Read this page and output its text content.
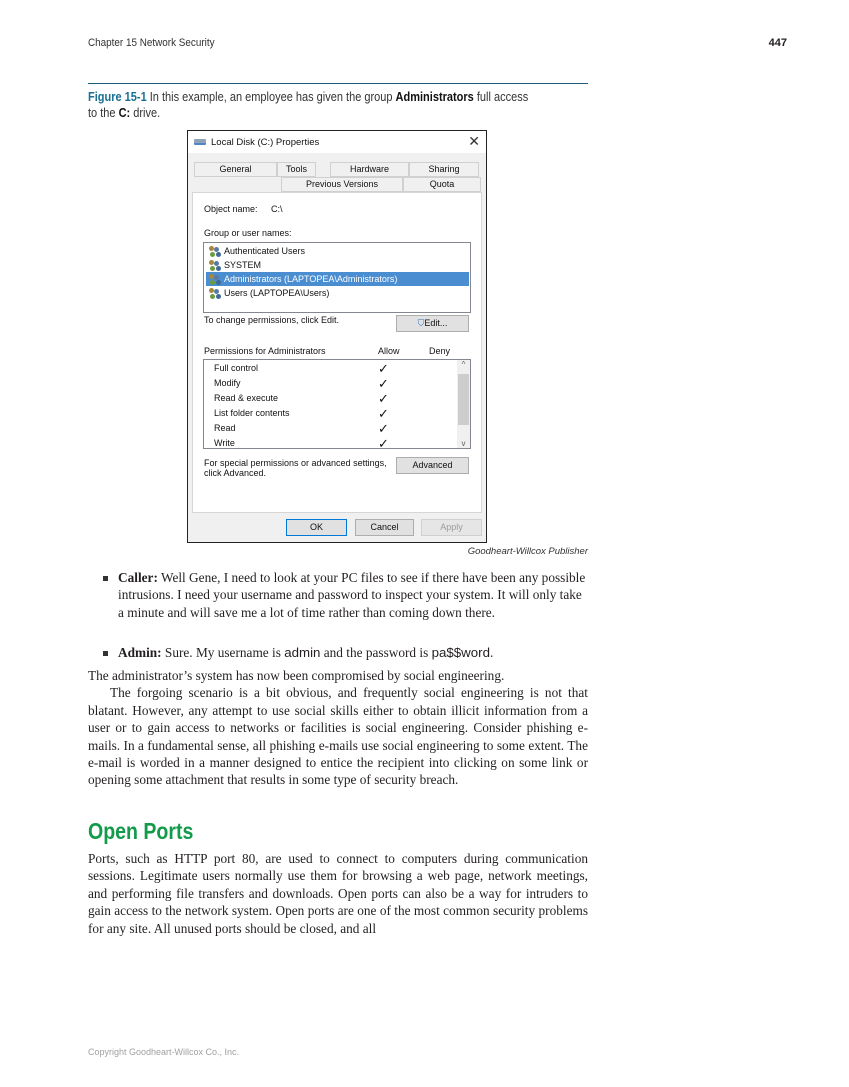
Chapter 15 Network Security	447
Figure 15-1 In this example, an employee has given the group Administrators full access to the C: drive.
Local Disk (C:) Properties	✕
General	Tools	Hardware	Sharing
Previous Versions	Quota
Object name: C:\
Group or user names:
Authenticated Users
SYSTEM
Administrators (LAPTOPEA\Administrators)
Users (LAPTOPEA\Users)
To change permissions, click Edit.	⛉Edit...
Permissions for Administrators	Allow	Deny
^
v
Full control	✓
Modify	✓
Read & execute	✓
List folder contents	✓
Read	✓
Write	✓
For special permissions or advanced settings,
click Advanced.
Advanced
OK	Cancel	Apply
Goodheart-Willcox Publisher
Caller: Well Gene, I need to look at your PC files to see if there have been any possible intrusions. I need your username and password to inspect your system. It will only take a minute and will save me a lot of time rather than coming down there.
Admin: Sure. My username is admin and the password is pa$$word.

The administrator’s system has now been compromised by social engineering.

The forgoing scenario is a bit obvious, and frequently social engineering is not that blatant. However, any attempt to use social skills either to obtain illicit information from a user or to gain access to networks or facilities is social engineering. Consider phishing e-mails. In a fundamental sense, all phishing e-mails use social engineering to some extent. The e-mail is worded in a manner designed to entice the recipient into clicking on some link or opening some attachment that results in some type of security breach.

Open Ports
Ports, such as HTTP port 80, are used to connect to computers during communication sessions. Legitimate users normally use them for browsing a web page, network meetings, and performing file transfers and downloads. Open ports can also be a way for intruders to gain access to the network system. Open ports are one of the most common security problems for any site. All unused ports should be closed, and all
Copyright Goodheart-Willcox Co., Inc.
